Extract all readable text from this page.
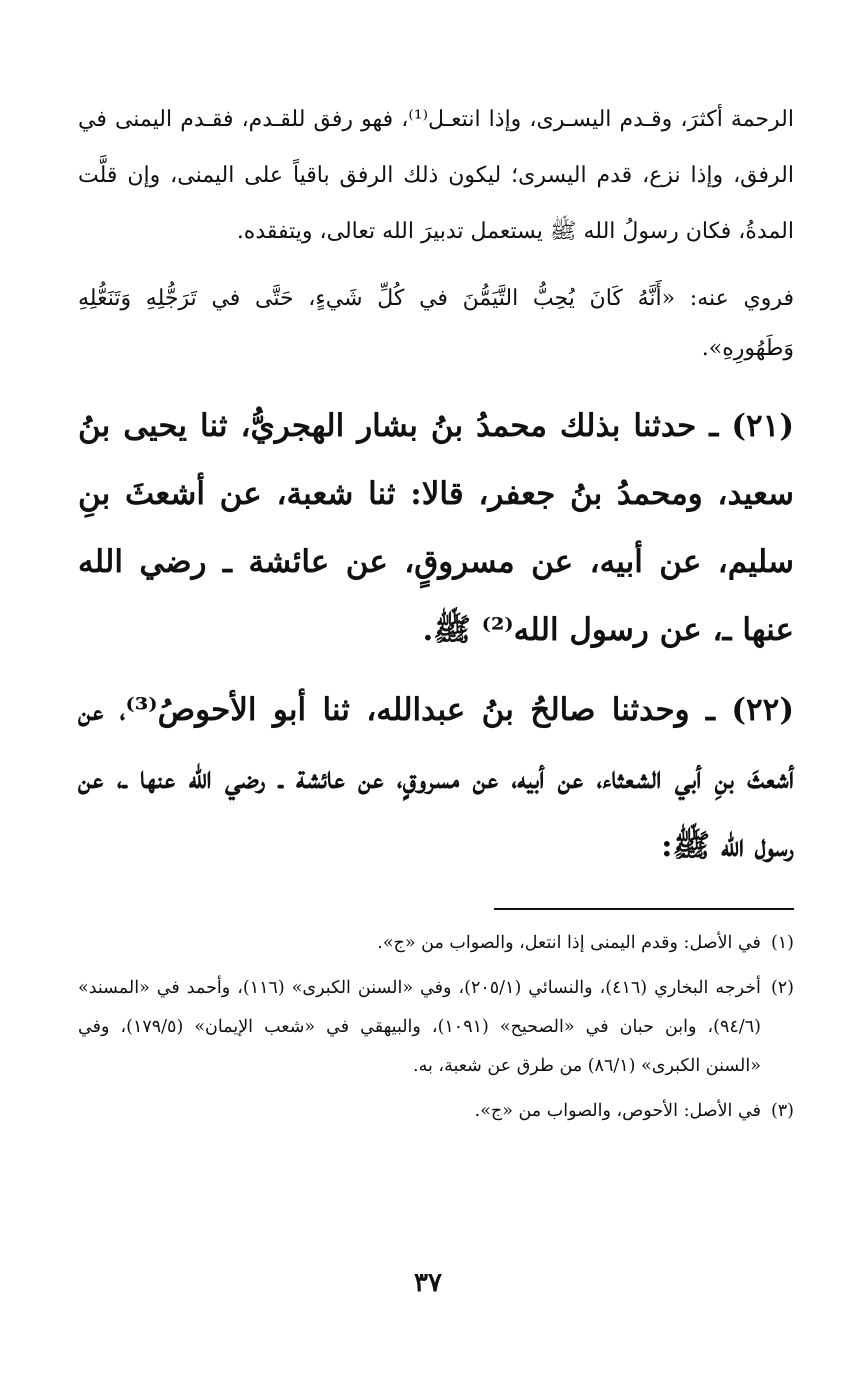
الرحمة أكثرَ، وقـدم اليسـرى، وإذا انتعـل⁽¹⁾، فهو رفق للقـدم، فقـدم اليمنى في الرفق، وإذا نزع، قدم اليسرى؛ ليكون ذلك الرفق باقياً على اليمنى، وإن قلَّت المدةُ، فكان رسولُ الله ﷺ يستعمل تدبيرَ الله تعالى، ويتفقده.

فروي عنه: «أَنَّهُ كَانَ يُحِبُّ التَّيَمُّنَ في كُلِّ شَيءٍ، حَتَّى في تَرَجُّلِهِ وَتَنَعُّلِهِ وَطَهُورِهِ».

(٢١) ـ حدثنا بذلك محمدُ بنُ بشار الهجريُّ، ثنا يحيى بنُ سعيد، ومحمدُ بنُ جعفر، قالا: ثنا شعبة، عن أشعثَ بنِ سليم، عن أبيه، عن مسروقٍ، عن عائشة ـ رضي الله عنها ـ، عن رسول الله⁽²⁾ ﷺ.

(٢٢) ـ وحدثنا صالحُ بنُ عبدالله، ثنا أبو الأحوصُ⁽³⁾، عن أشعثَ بنِ أبي الشعثاء، عن أبيه، عن مسروقٍ، عن عائشة ـ رضي الله عنها ـ، عن رسول الله ﷺ:

(١)
في الأصل: وقدم اليمنى إذا انتعل، والصواب من «ج».
(٢)
أخرجه البخاري (٤١٦)، والنسائي (٢٠٥/١)، وفي «السنن الكبرى» (١١٦)، وأحمد في «المسند» (٩٤/٦)، وابن حبان في «الصحيح» (١٠٩١)، والبيهقي في «شعب الإيمان» (١٧٩/٥)، وفي «السنن الكبرى» (٨٦/١) من طرق عن شعبة، به.
(٣)
في الأصل: الأحوص، والصواب من «ج».
٣٧
